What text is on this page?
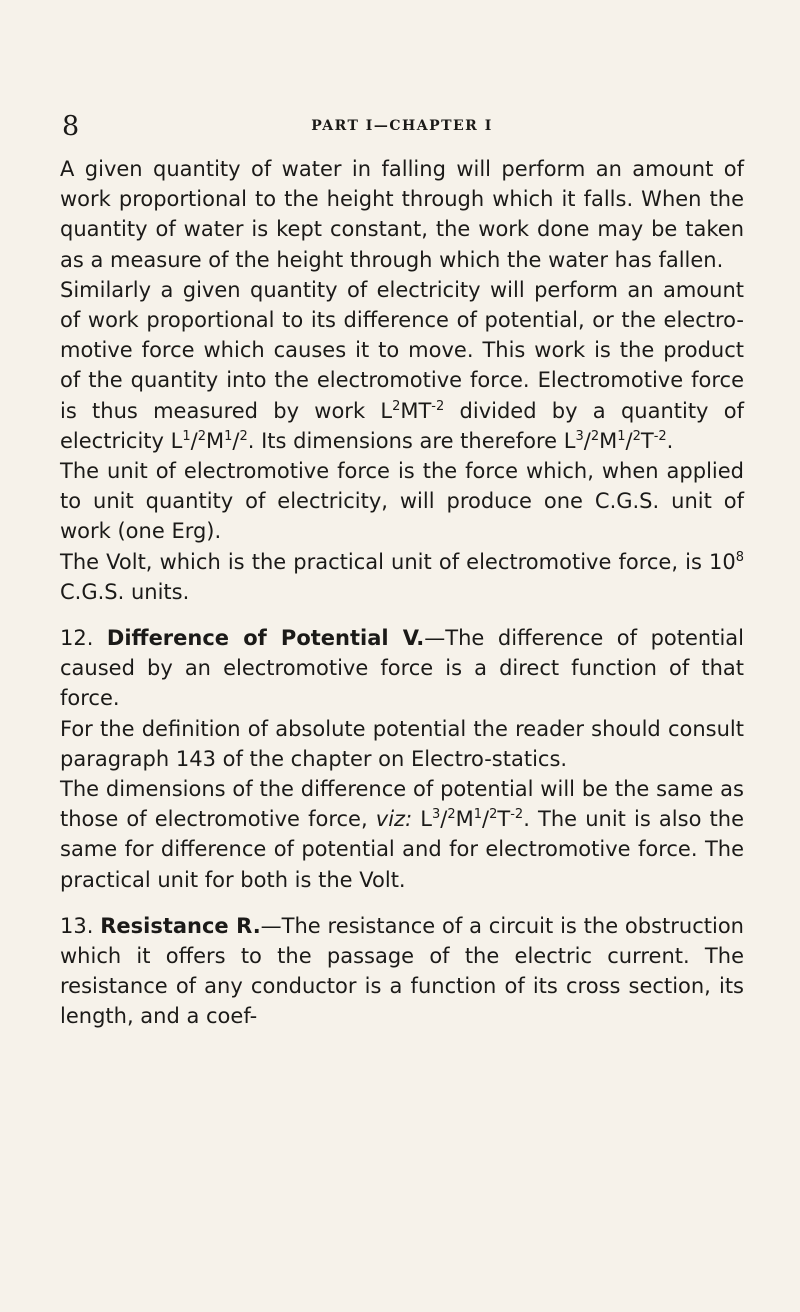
8	PART I—CHAPTER I

A given quantity of water in falling will perform an amount of work proportional to the height through which it falls. When the quantity of water is kept constant, the work done may be taken as a measure of the height through which the water has fallen.

Similarly a given quantity of electricity will perform an amount of work proportional to its difference of potential, or the electro-motive force which causes it to move. This work is the product of the quantity into the electromotive force. Electromotive force is thus measured by work $L^2MT^{-2}$ divided by a quantity of electricity $L^1/^2M^1/^2$. Its dimensions are therefore $L^3/^2M^1/^2T^{-2}$.

The unit of electromotive force is the force which, when applied to unit quantity of electricity, will produce one C.G.S. unit of work (one Erg).

The Volt, which is the practical unit of electromotive force, is $10^8$ C.G.S. units.

12. Difference of Potential V.—The difference of potential caused by an electromotive force is a direct function of that force.

For the definition of absolute potential the reader should consult paragraph 143 of the chapter on Electro-statics.

The dimensions of the difference of potential will be the same as those of electromotive force, viz: $L^3/^2M^1/^2T^{-2}$. The unit is also the same for difference of potential and for electromotive force. The practical unit for both is the Volt.

13. Resistance R.—The resistance of a circuit is the obstruction which it offers to the passage of the electric current. The resistance of any conductor is a function of its cross section, its length, and a coef-
